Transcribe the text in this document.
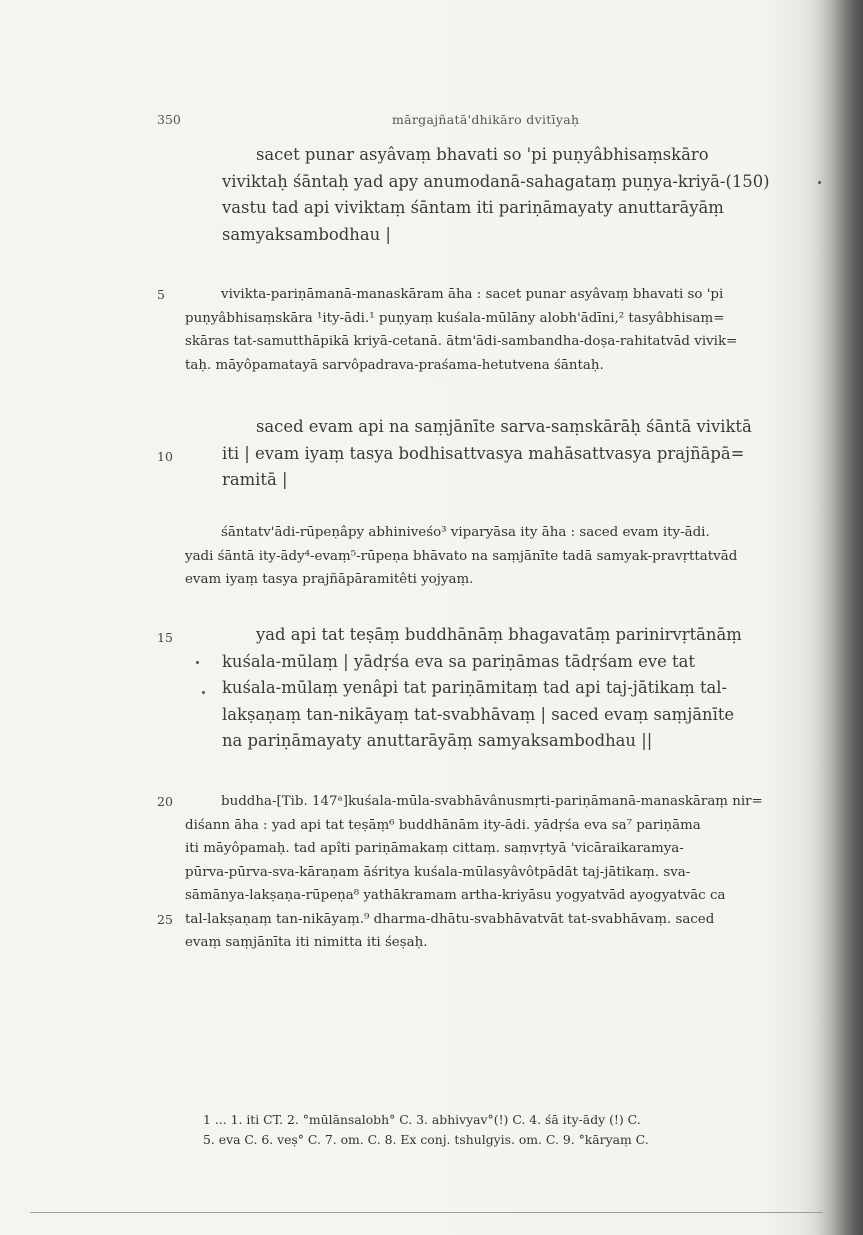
350	mārgajñatā'dhikāro dvitīyaḥ

sacet punar asyâvaṃ bhavati so 'pi puṇyâbhisaṃskāro

viviktaḥ śāntaḥ yad apy anumodanā-sahagataṃ puṇya-kriyā-(150)

vastu tad api viviktaṃ śāntam iti pariṇāmayaty anuttarāyāṃ

samyaksambodhau |

5	vivikta-pariṇāmanā-manaskāram āha : sacet punar asyâvaṃ bhavati so 'pi

puṇyâbhisaṃskāra ¹ity-ādi.¹ puṇyaṃ kuśala-mūlāny alobh'ādīni,² tasyâbhisaṃ=

skāras tat-samutthāpikā kriyā-cetanā. ātm'ādi-sambandha-doṣa-rahitatvād vivik=

taḥ. māyôpamatayā sarvôpadrava-praśama-hetutvena śāntaḥ.

10

saced evam api na saṃjānīte sarva-saṃskārāḥ śāntā viviktā

iti | evam iyaṃ tasya bodhisattvasya mahāsattvasya prajñāpā=

ramitā |

śāntatv'ādi-rūpeṇâpy abhiniveśo³ viparyāsa ity āha : saced evam ity-ādi.

yadi śāntā ity-ādy⁴-evaṃ⁵-rūpeṇa bhāvato na saṃjānīte tadā samyak-pravṛttatvād

evam iyaṃ tasya prajñāpāramitêti yojyaṃ.

15	yad api tat teṣāṃ buddhānāṃ bhagavatāṃ parinirvṛtānāṃ

kuśala-mūlaṃ | yādṛśa eva sa pariṇāmas tādṛśam eve tat

kuśala-mūlaṃ yenâpi tat pariṇāmitaṃ tad api taj-jātikaṃ tal-

lakṣaṇaṃ tan-nikāyaṃ tat-svabhāvaṃ | saced evaṃ saṃjānīte

na pariṇāmayaty anuttarāyāṃ samyaksambodhau ||

20
25

buddha-[Tib. 147ᵃ]kuśala-mūla-svabhāvânusmṛti-pariṇāmanā-manaskāraṃ nir=

diśann āha : yad api tat teṣāṃ⁶ buddhānām ity-ādi. yādṛśa eva sa⁷ pariṇāma

iti māyôpamaḥ. tad apîti pariṇāmakaṃ cittaṃ. saṃvṛtyā 'vicāraikaramya-

pūrva-pūrva-sva-kāraṇam āśritya kuśala-mūlasyâvôtpādāt taj-jātikaṃ. sva-

sāmānya-lakṣaṇa-rūpeṇa⁸ yathākramam artha-kriyāsu yogyatvād ayogyatvāc ca

tal-lakṣaṇaṃ tan-nikāyaṃ.⁹ dharma-dhātu-svabhāvatvāt tat-svabhāvaṃ. saced

evaṃ saṃjānīta iti nimitta iti śeṣaḥ.

1 ... 1. iti CT. 2. °mūlānsalobh° C. 3. abhivyav°(!) C. 4. śā ity-ādy (!) C.

5. eva C. 6. veṣ° C. 7. om. C. 8. Ex conj. tshulgyis. om. C. 9. °kāryaṃ C.
